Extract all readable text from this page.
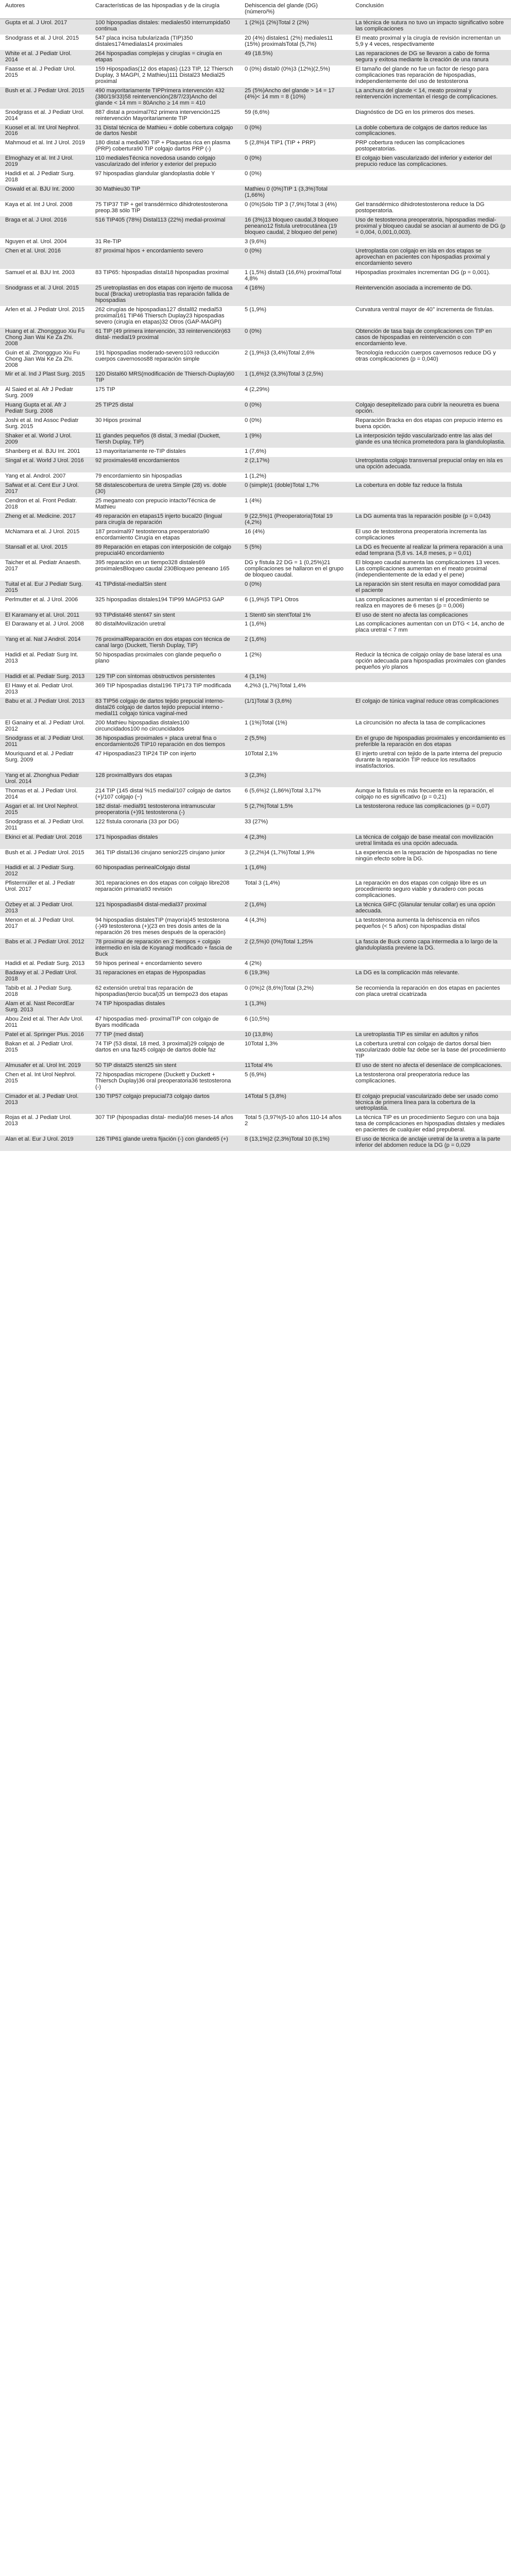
Autores	Características de las hipospadias y de la cirugía	Dehiscencia del glande (DG)(número/%)	Conclusión
Gupta et al. J Urol. 2017	100 hipospadias distales: mediales50 interrumpida50 continua	1 (2%)1 (2%)Total 2 (2%)	La técnica de sutura no tuvo un impacto significativo sobre las complicaciones
Snodgrass et al. J Urol. 2015	547 placa incisa tubularizada (TIP)350 distales174medialas14 proximales	20 (4%) distales1 (2%) mediales11 (15%) proximalsTotal (5,7%)	El meato proximal y la cirugía de revisión incrementan un 5,9 y 4 veces, respectivamente
White et al. J Pediatr Urol. 2014	264 hipospadias complejas y cirugías = cirugía en etapas	49 (18.5%)	Las reparaciones de DG se llevaron a cabo de forma segura y exitosa mediante la creación de una ranura
Faasse et al. J Pediatr Urol. 2015	159 Hipospadias(12 dos etapas) (123 TIP, 12 Thiersch Duplay, 3 MAGPI, 2 Mathieu)111 Distal23 Medial25 proximal	0 (0%) distal0 (0%)3 (12%)(2,5%)	El tamaño del glande no fue un factor de riesgo para complicaciones tras reparación de hipospadias, independientemente del uso de testosterona
Bush et al. J Pediatr Urol. 2015	490 mayoritariamente TIPPrimera intervención 432 (380/19/33)58 reintervención(28/7/23)Ancho del glande < 14 mm = 80Ancho ≥ 14 mm = 410	25 (5%)Ancho del glande > 14 = 17 (4%)< 14 mm = 8 (10%)	La anchura del glande < 14, meato proximal y reintervención incrementan el riesgo de complicaciones.
Snodgrass et al. J Pediatr Urol. 2014	887 distal a proximal762 primera intervención125 reintervención Mayoritariamente TIP	59 (6,6%)	Diagnóstico de DG en los primeros dos meses.
Kuosel et al. Int Urol Nephrol. 2016	31 Distal técnica de Mathieu + doble cobertura colgajo de dartos Nesbit	0 (0%)	La doble cobertura de colgajos de dartos reduce las complicaciones.
Mahmoud et al. Int J Urol. 2019	180 distal a medial90 TIP + Plaquetas rica en plasma (PRP) cobertura90 TIP colgajo dartos PRP (-)	5 (2,8%)4 TIP1 (TIP + PRP)	PRP cobertura reducen las complicaciones postoperatorias.
Elmoghazy et al. Int J Urol. 2019	110 medialesTécnica novedosa usando colgajo vascularizado del inferior y exterior del prepucio	0 (0%)	El colgajo bien vascularizado del inferior y exterior del prepucio reduce las complicaciones.
Hadidi et al. J Pediatr Surg. 2018	97 hipospadias glandular glandoplastia doble Y	0 (0%)	
Oswald et al. BJU Int. 2000	30 Mathieu30 TIP	Mathieu 0 (0%)TIP 1 (3,3%)Total (1,66%)	
Kaya et al. Int J Urol. 2008	75 TIP37 TIP + gel transdérmico dihidrotestosterona preop.38 sólo TIP	0 (0%)Sólo TIP 3 (7,9%)Total 3 (4%)	Gel transdérmico dihidrotestosterona reduce la DG postoperatoria.
Braga et al. J Urol. 2016	516 TIP405 (78%) Distal113 (22%) medial-proximal	16 (3%)13 bloqueo caudal,3 bloqueo peneano12 fístula uretrocutánea (19 bloqueo caudal, 2 bloqueo del pene)	Uso de testosterona preoperatoria, hipospadias medial-proximal y bloqueo caudal se asocian al aumento de DG (p = 0,004, 0,001,0,003).
Nguyen et al. Urol. 2004	31 Re-TIP	3 (9,6%)	
Chen et al. Urol. 2016	87 proximal hipos + encordamiento severo	0 (0%)	Uretroplastia con colgajo en isla en dos etapas se aprovechan en pacientes con hipospadias proximal y encordamiento severo
Samuel et al. BJU Int. 2003	83 TIP65: hipospadias distal18 hipospadias proximal	1 (1,5%) distal3 (16,6%) proximalTotal 4,8%	Hipospadias proximales incrementan DG (p = 0,001).
Snodgrass et al. J Urol. 2015	25 uretroplastias en dos etapas con injerto de mucosa bucal (Bracka) uretroplastia tras reparación fallida de hipospadias	4 (16%)	Reintervención asociada a incremento de DG.
Arlen et al. J Pediatr Urol. 2015	262 cirugías de hipospadias127 distal82 medial53 proximal161 TIP46 Thiersch Duplay23 hipospadias severo (cirugía en etapas)32 Otros (GAP-MAGPI)	5 (1,9%)	Curvatura ventral mayor de 40° incrementa de fístulas.
Huang et al. Zhonggguo Xiu Fu Chong Jian Wai Ke Za Zhi. 2008	61 TIP (49 primera intervención, 33 reintervención)63 distal- medial19 proximal	0 (0%)	Obtención de tasa baja de complicaciones con TIP en casos de hipospadias en reintervención o con encordamiento leve.
Guin et al. Zhonggguo Xiu Fu Chong Jian Wai Ke Za Zhi. 2008	191 hipospadias moderado-severo103 reducción cuerpos cavernosos88 reparación simple	2 (1,9%)3 (3,4%)Total 2,6%	Tecnología reducción cuerpos cavernosos reduce DG y otras complicaciones (p = 0,040)
Mir et al. Ind J Plast Surg. 2015	120 Distal60 MRS(modificación de Thiersch-Duplay)60 TIP	1 (1,6%)2 (3,3%)Total 3 (2,5%)	
Al Saied et al. Afr J Pediatr Surg. 2009	175 TIP	4 (2,29%)	
Huang Gupta et al. Afr J Pediatr Surg. 2008	25 TIP25 distal	0 (0%)	Colgajo desepitelizado para cubrir la neouretra es buena opción.
Joshi et al. Ind Assoc Pediatr Surg. 2015	30 Hipos proximal	0 (0%)	Reparación Bracka en dos etapas con prepucio interno es buena opción.
Shaker et al. World J Urol. 2009	11 glandes pequeños (8 distal, 3 medial (Duckett, Tiersh Duplay, TIP)	1 (9%)	La interposición tejido vascularizado entre las alas del glande es una técnica prometedora para la glanduloplastia.
Shanberg et al. BJU Int. 2001	13 mayoritariamente re-TIP distales	1 (7,6%)	
Singal et al. World J Urol. 2016	92 proximales48 encordamientos	2 (2,17%)	Uretroplastia colgajo transversal prepucial onlay en isla es una opción adecuada.
Yang et al. Androl. 2007	79 encordamiento sin hipospadias	1 (1,2%)	
Safwat et al. Cent Eur J Urol. 2017	58 distalescobertura de uretra Simple (28) vs. doble (30)	0 (simple)1 (doble)Total 1,7%	La cobertura en doble faz reduce la fístula
Cendron et al. Front Pediatr. 2018	25 megameato con prepucio intacto/Técnica de Mathieu	1 (4%)	
Zheng et al. Medicine. 2017	49 reparación en etapas15 injerto bucal20 (lingual para cirugía de reparación	9 (22,5%)1 (Preoperatoria)Total 19 (4,2%)	La DG aumenta tras la reparación posible (p = 0,043)
McNamara et al. J Urol. 2015	187 proximal97 testosterona preoperatoria90 encordamiento Cirugía en etapas	16 (4%)	El uso de testosterona preoperatoria incrementa las complicaciones
Stansall et al. Urol. 2015	89 Reparación en etapas con interposición de colgajo prepucial40 encordamiento	5 (5%)	La DG es frecuente al realizar la primera reparación a una edad temprana (5,8 vs. 14,8 meses, p = 0,01)
Taicher et al. Pediatr Anaesth. 2017	395 reparación en un tiempo328 distales69 proximalesBloqueo caudal 230Bloqueo peneano 165	DG y fístula 22 DG = 1 (0,25%)21 complicaciones se hallaron en el grupo de bloqueo caudal.	El bloqueo caudal aumenta las complicaciones 13 veces. Las complicaciones aumentan en el meato proximal (independientemente de la edad y el pene)
Tuital et al. Eur J Pediatr Surg. 2015	41 TIPdistal-medialSin stent	0 (0%)	La reparación sin stent resulta en mayor comodidad para el paciente
Perlmutter et al. J Urol. 2006	325 hipospadias distales194 TIP99 MAGPI53 GAP	6 (1,9%)5 TIP1 Otros	Las complicaciones aumentan si el procedimiento se realiza en mayores de 6 meses (p = 0,006)
El Karamany et al. Urol. 2011	93 TIPdistal46 stent47 sin stent	1 Stent0 sin stentTotal 1%	El uso de stent no afecta las complicaciones
El Darawany et al. J Urol. 2008	80 distalMovilización uretral	1 (1,6%)	Las complicaciones aumentan con un DTG < 14, ancho de placa uretral < 7 mm
Yang et al. Nat J Androl. 2014	76 proximalReparación en dos etapas con técnica de canal largo (Duckett, Tiersh Duplay, TIP)	2 (1,6%)	
Hadidi et al. Pediatr Surg Int. 2013	50 hipospadias proximales con glande pequeño o plano	1 (2%)	Reducir la técnica de colgajo onlay de base lateral es una opción adecuada para hipospadias proximales con glandes pequeños y/o planos
Hadidi et al. Pediatr Surg. 2013	129 TIP con síntomas obstructivos persistentes	4 (3,1%)	
El Hawy et al. Pediatr Urol. 2013	369 TIP hipospadias distal196 TIP173 TIP modificada	4,2%3 (1,7%)Total 1,4%	
Babu et al. J Pediatr Urol. 2013	83 TIP56 colgajo de dartos tejido prepucial interno-distal26 colgajo de dartos tejido prepucial interno - medial11 colgajo túnica vaginal-med	(1/1)Total 3 (3,6%)	El colgajo de túnica vaginal reduce otras complicaciones
El Ganainy et al. J Pediatr Urol. 2012	200 Mathieu hipospadias distales100 circuncidados100 no circuncidados	1 (1%)Total (1%)	La circuncisión no afecta la tasa de complicaciones
Snodgrass et al. J Pediatr Urol. 2011	36 hipospadias proximales + placa uretral fina o encordamiento26 TIP10 reparación en dos tiempos	2 (5,5%)	En el grupo de hipospadias proximales y encordamiento es preferible la reparación en dos etapas
Mouriquand et al. J Pediatr Surg. 2009	47 Hipospadias23 TIP24 TIP con injerto	10Total 2,1%	El injerto uretral con tejido de la parte interna del prepucio durante la reparación TIP reduce los resultados insatisfactorios.
Yang et al. Zhonghua Pediatr Urol. 2014	128 proximalByars dos etapas	3 (2,3%)	
Thomas et al. J Pediatr Urol. 2014	214 TIP (145 distal %15 medial/107 colgajo de dartos (+)/107 colgajo (−)	6 (5,6%)2 (1,86%)Total 3,17%	Aunque la fístula es más frecuente en la reparación, el colgajo no es significativo (p = 0,21)
Asgari et al. Int Urol Nephrol. 2015	182 distal- medial91 testosterona intramuscular preoperatoria (+)91 testosterona (-)	5 (2,7%)Total 1,5%	La testosterona reduce las complicaciones (p = 0,07)
Snodgrass et al. J Pediatr Urol. 2011	122 fístula coronaria (33 por DG)	33 (27%)	
Ekinci et al. Pediatr Urol. 2016	171 hipospadias distales	4 (2,3%)	La técnica de colgajo de base meatal con movilización uretral limitada es una opción adecuada.
Bush et al. J Pediatr Urol. 2015	361 TIP distal136 cirujano senior225 cirujano junior	3 (2,2%)4 (1,7%)Total 1,9%	La experiencia en la reparación de hipospadias no tiene ningún efecto sobre la DG.
Hadidi et al. J Pediatr Surg. 2012	60 hipospadias perinealColgajo distal	1 (1,6%)	
Pfistermüller et al. J Pediatr Urol. 2017	301 reparaciones en dos etapas con colgajo libre208 reparación primaria93 revisión	Total 3 (1,4%)	La reparación en dos etapas con colgajo libre es un procedimiento seguro viable y duradero con pocas complicaciones.
Özbey et al. J Pediatr Urol. 2013	121 hipospadias84 distal-medial37 proximal	2 (1,6%)	La técnica GIFC (Glanular tenular collar) es una opción adecuada.
Menon et al. J Pediatr Urol. 2017	94 hipospadias distalesTIP (mayoría)45 testosterona (-)49 testosterona (+)(23 en tres dosis antes de la reparación 26 tres meses después de la operación)	4 (4,3%)	La testosterona aumenta la dehiscencia en niños pequeños (< 5 años) con hipospadias distal
Babs et al. J Pediatr Urol. 2012	78 proximal de reparación en 2 tiempos + colgajo intermedio en isla de Koyanagi modificado + fascia de Buck	2 (2,5%)0 (0%)Total 1,25%	La fascia de Buck como capa intermedia a lo largo de la glanduloplastia previene la DG.
Hadidi et al. Pediatr Surg. 2013	59 hipos perineal + encordamiento severo	4 (2%)	
Badawy et al. J Pediatr Urol. 2018	31 reparaciones en etapas de Hypospadias	6 (19,3%)	La DG es la complicación más relevante.
Tabib et al. J Pediatr Surg. 2018	62 extensión uretral tras reparación de hipospadias(tercio bucal)35 un tiempo23 dos etapas	0 (0%)2 (8,6%)Total (3,2%)	Se recomienda la reparación en dos etapas en pacientes con placa uretral cicatrizada
Alam et al. Nast RecordEar Surg. 2013	74 TIP hipospadias distales	1 (1,3%)	
Abou Zeid et al. Ther Adv Urol. 2011	47 hipospadias med- proximalTIP con colgajo de Byars modificada	6 (10,5%)	
Patel et al. Springer Plus. 2016	77 TIP (med distal)	10 (13,8%)	La uretroplastia TIP es similar en adultos y niños
Bakan et al. J Pediatr Urol. 2015	74 TIP (53 distal, 18 med, 3 proximal)29 colgajo de dartos en una faz45 colgajo de dartos doble faz	10Total 1,3%	La cobertura uretral con colgajo de dartos dorsal bien vascularizado doble faz debe ser la base del procedimiento TIP
Almusafer et al. Urol Int. 2019	50 TIP distal25 stent25 sin stent	11Total 4%	El uso de stent no afecta el desenlace de complicaciones.
Chen et al. Int Urol Nephrol. 2015	72 hipospadias micropene (Duckett y Duckett + Thiersch Duplay)36 oral preoperatoria36 testosterona (-)	5 (6,9%)	La testosterona oral preoperatoria reduce las complicaciones.
Cimador et al. J Pediatr Urol. 2013	130 TIP57 colgajo prepucial73 colgajo dartos	14Total 5 (3,8%)	El colgajo prepucial vascularizado debe ser usado como técnica de primera línea para la cobertura de la uretroplastia.
Rojas et al. J Pediatr Urol. 2013	307 TIP (hipospadias distal- medial)66 meses-14 años	Total 5 (3,97%)5-10 años 110-14 años 2	La técnica TIP es un procedimiento Seguro con una baja tasa de complicaciones en hipospadias distales y mediales en pacientes de cualquier edad prepuberal.
Alan et al. Eur J Urol. 2019	126 TIP61 glande uretra fijación (-) con glande65 (+)	8 (13,1%)2 (2,3%)Total 10 (6,1%)	El uso de técnica de anclaje uretral de la uretra a la parte inferior del abdomen reduce la DG (p = 0,029
